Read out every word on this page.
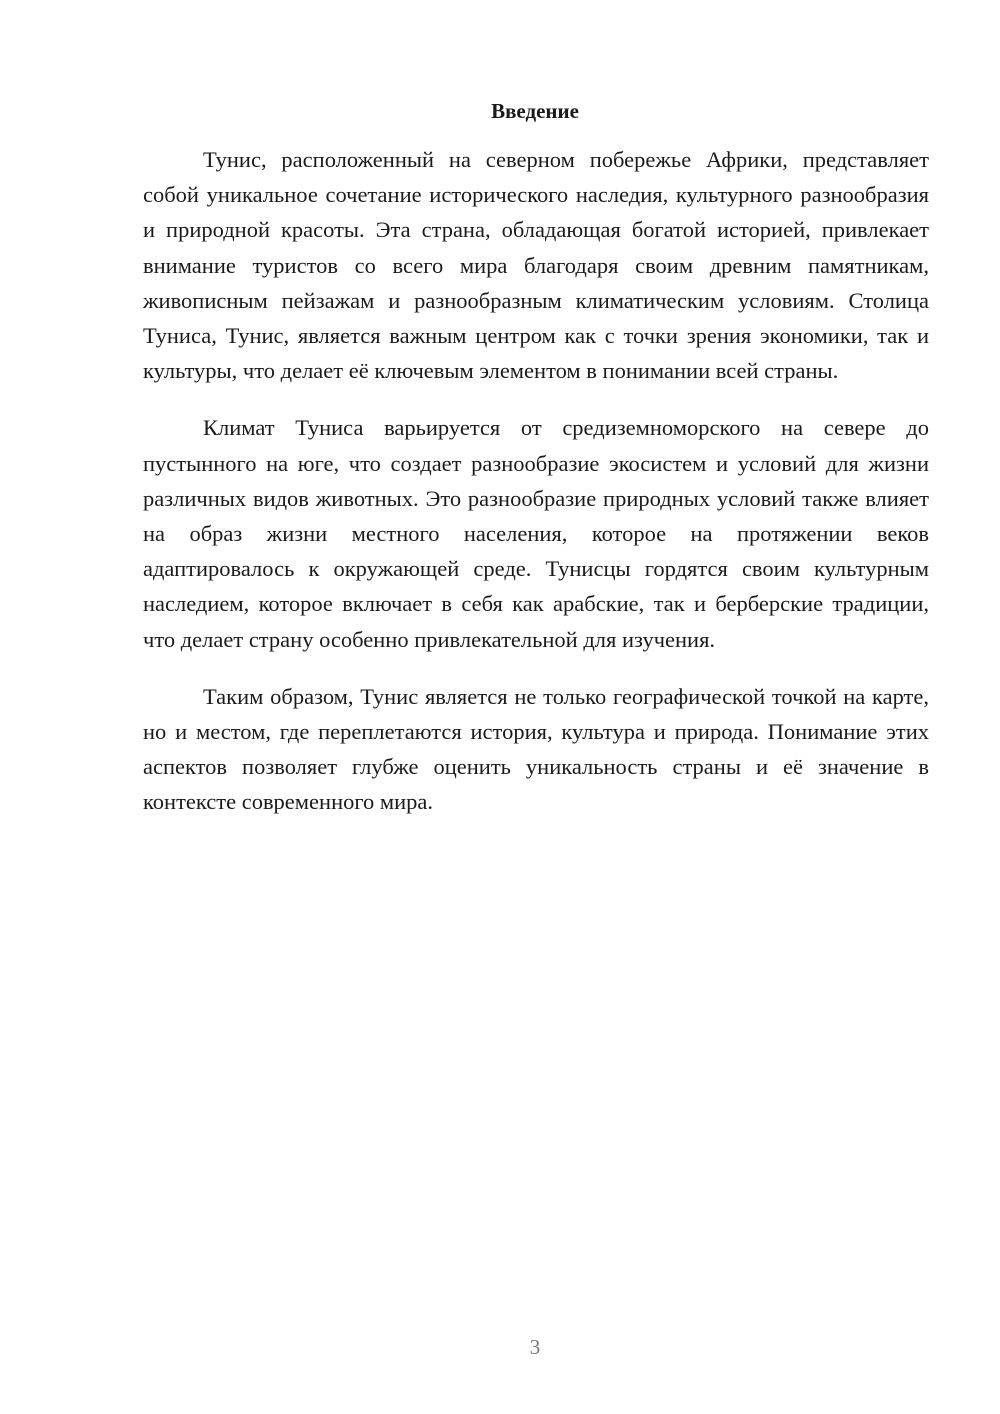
Введение

Тунис, расположенный на северном побережье Африки, представляет собой уникальное сочетание исторического наследия, культурного разнообразия и природной красоты. Эта страна, обладающая богатой историей, привлекает внимание туристов со всего мира благодаря своим древним памятникам, живописным пейзажам и разнообразным климатическим условиям. Столица Туниса, Тунис, является важным центром как с точки зрения экономики, так и культуры, что делает её ключевым элементом в понимании всей страны.

Климат Туниса варьируется от средиземноморского на севере до пустынного на юге, что создает разнообразие экосистем и условий для жизни различных видов животных. Это разнообразие природных условий также влияет на образ жизни местного населения, которое на протяжении веков адаптировалось к окружающей среде. Тунисцы гордятся своим культурным наследием, которое включает в себя как арабские, так и берберские традиции, что делает страну особенно привлекательной для изучения.

Таким образом, Тунис является не только географической точкой на карте, но и местом, где переплетаются история, культура и природа. Понимание этих аспектов позволяет глубже оценить уникальность страны и её значение в контексте современного мира.

3
